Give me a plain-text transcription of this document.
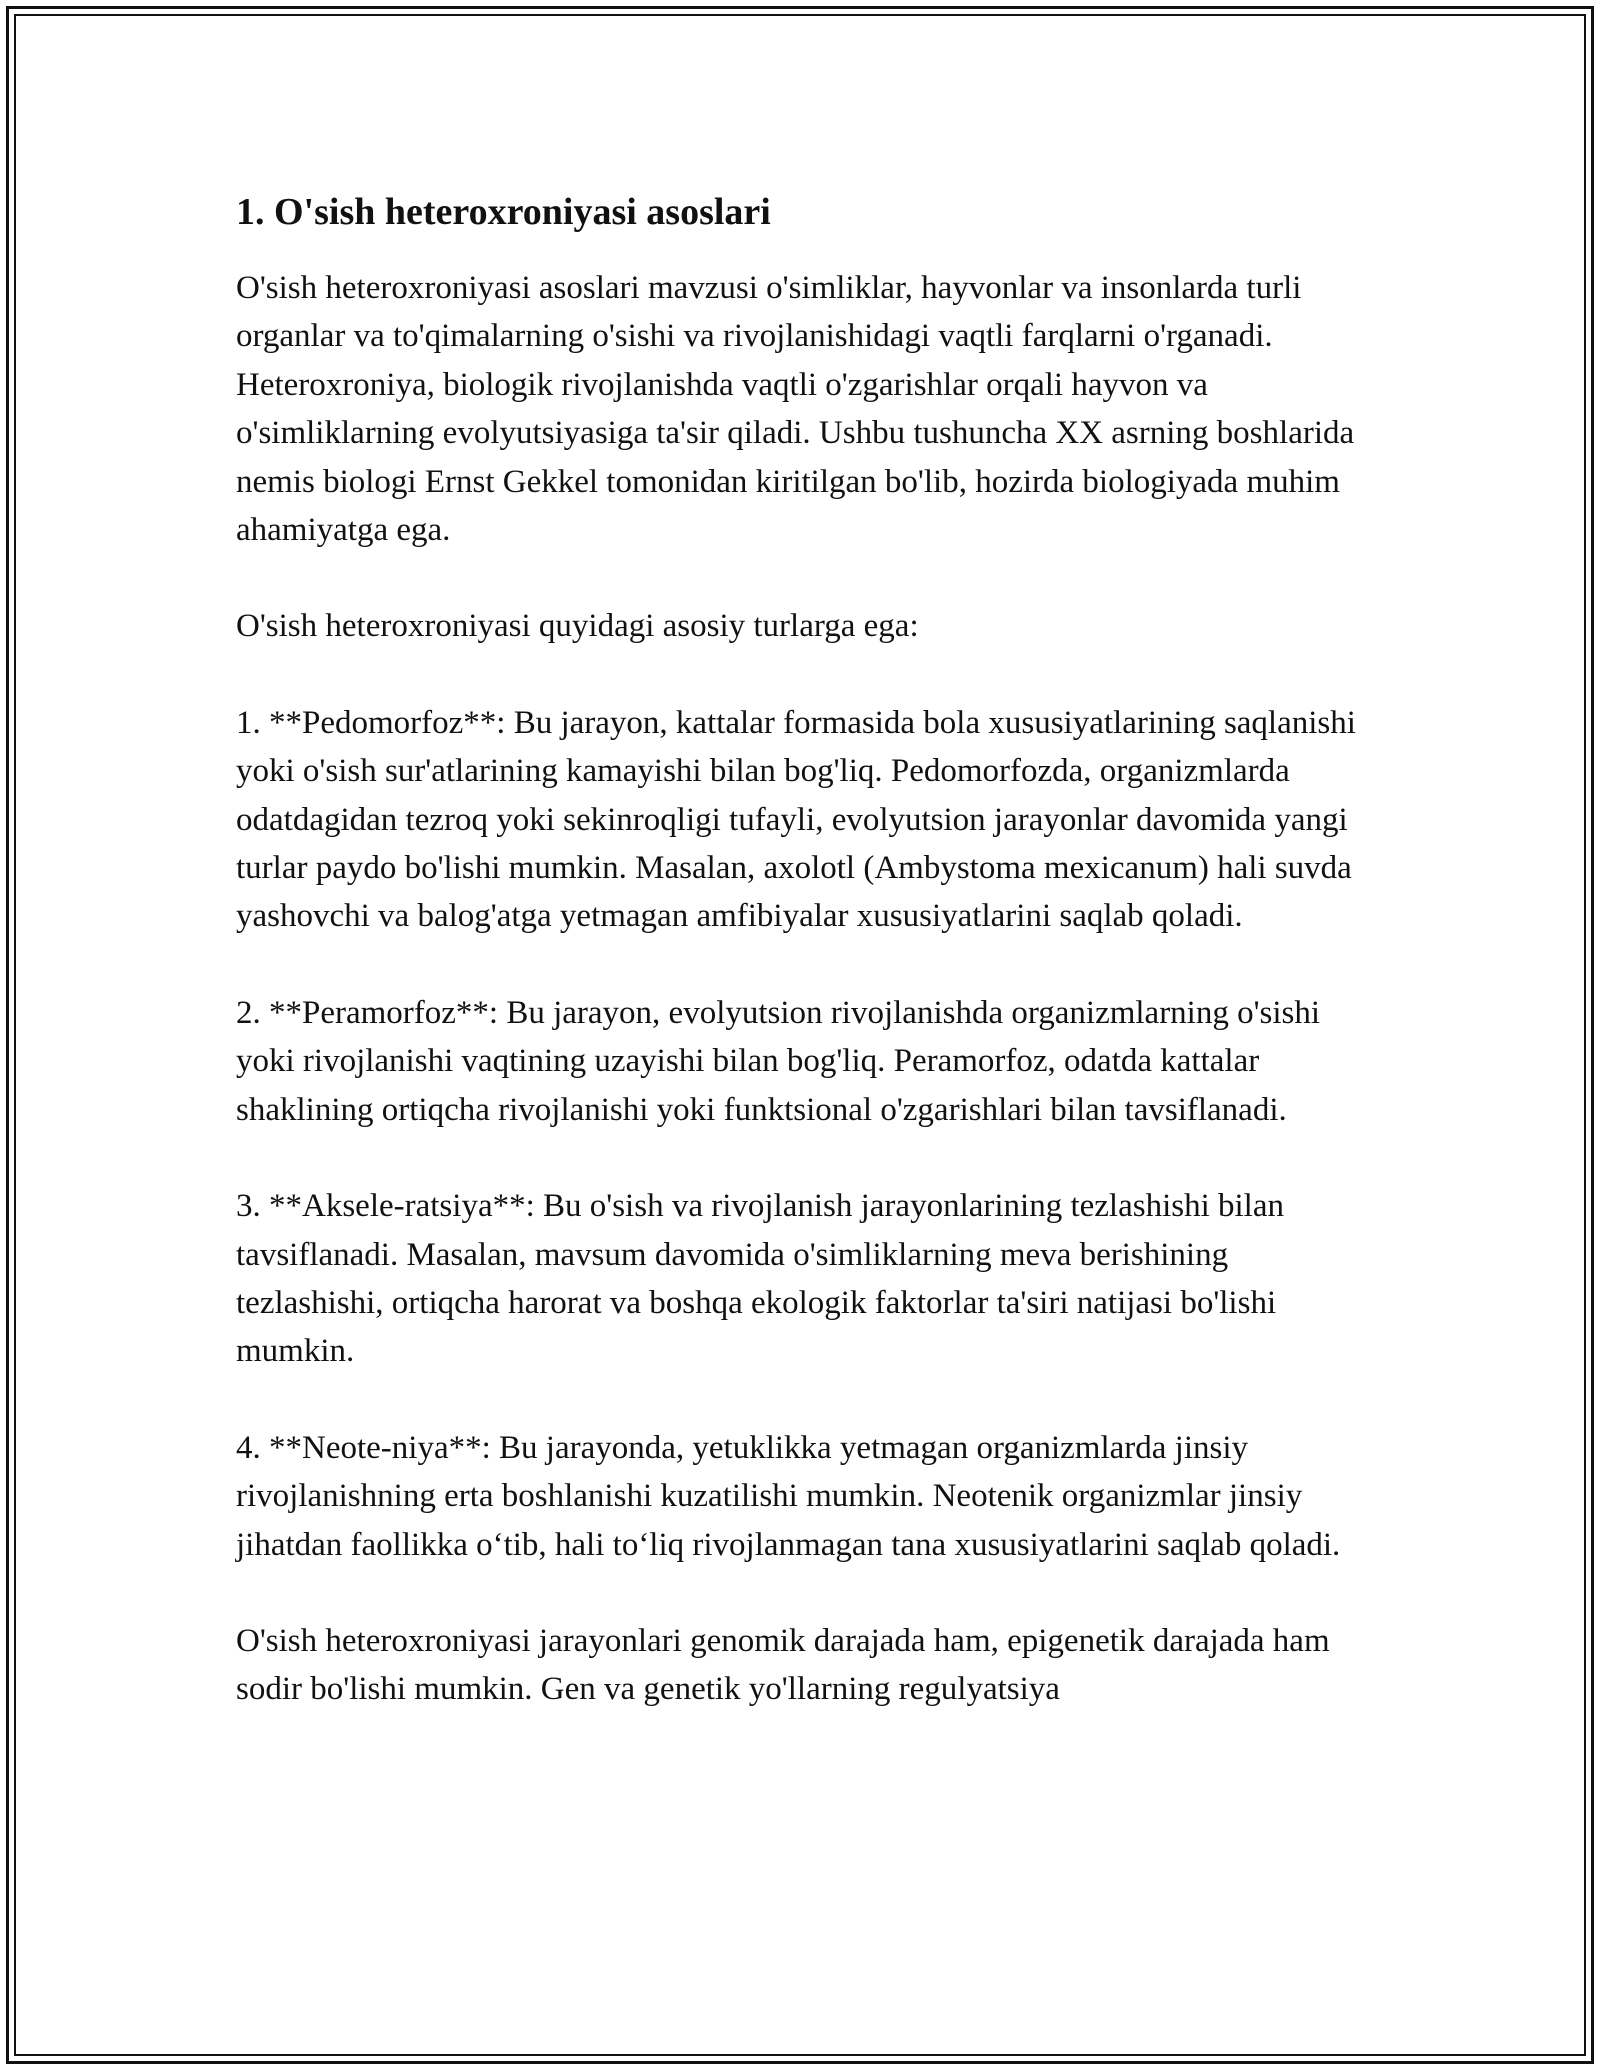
1. O'sish heteroxroniyasi asoslari

O'sish heteroxroniyasi asoslari mavzusi o'simliklar, hayvonlar va insonlarda turli organlar va to'qimalarning o'sishi va rivojlanishidagi vaqtli farqlarni o'rganadi. Heteroxroniya, biologik rivojlanishda vaqtli o'zgarishlar orqali hayvon va o'simliklarning evolyutsiyasiga ta'sir qiladi. Ushbu tushuncha XX asrning boshlarida nemis biologi Ernst Gekkel tomonidan kiritilgan bo'lib, hozirda biologiyada muhim ahamiyatga ega.

O'sish heteroxroniyasi quyidagi asosiy turlarga ega:

1. **Pedomorfoz**: Bu jarayon, kattalar formasida bola xususiyatlarining saqlanishi yoki o'sish sur'atlarining kamayishi bilan bog'liq. Pedomorfozda, organizmlarda odatdagidan tezroq yoki sekinroqligi tufayli, evolyutsion jarayonlar davomida yangi turlar paydo bo'lishi mumkin. Masalan, axolotl (Ambystoma mexicanum) hali suvda yashovchi va balog'atga yetmagan amfibiyalar xususiyatlarini saqlab qoladi.

2. **Peramorfoz**: Bu jarayon, evolyutsion rivojlanishda organizmlarning o'sishi yoki rivojlanishi vaqtining uzayishi bilan bog'liq. Peramorfoz, odatda kattalar shaklining ortiqcha rivojlanishi yoki funktsional o'zgarishlari bilan tavsiflanadi.

3. **Aksele-ratsiya**: Bu o'sish va rivojlanish jarayonlarining tezlashishi bilan tavsiflanadi. Masalan, mavsum davomida o'simliklarning meva berishining tezlashishi, ortiqcha harorat va boshqa ekologik faktorlar ta'siri natijasi bo'lishi mumkin.

4. **Neote-niya**: Bu jarayonda, yetuklikka yetmagan organizmlarda jinsiy rivojlanishning erta boshlanishi kuzatilishi mumkin. Neotenik organizmlar jinsiy jihatdan faollikka o‘tib, hali to‘liq rivojlanmagan tana xususiyatlarini saqlab qoladi.

O'sish heteroxroniyasi jarayonlari genomik darajada ham, epigenetik darajada ham sodir bo'lishi mumkin. Gen va genetik yo'llarning regulyatsiya
